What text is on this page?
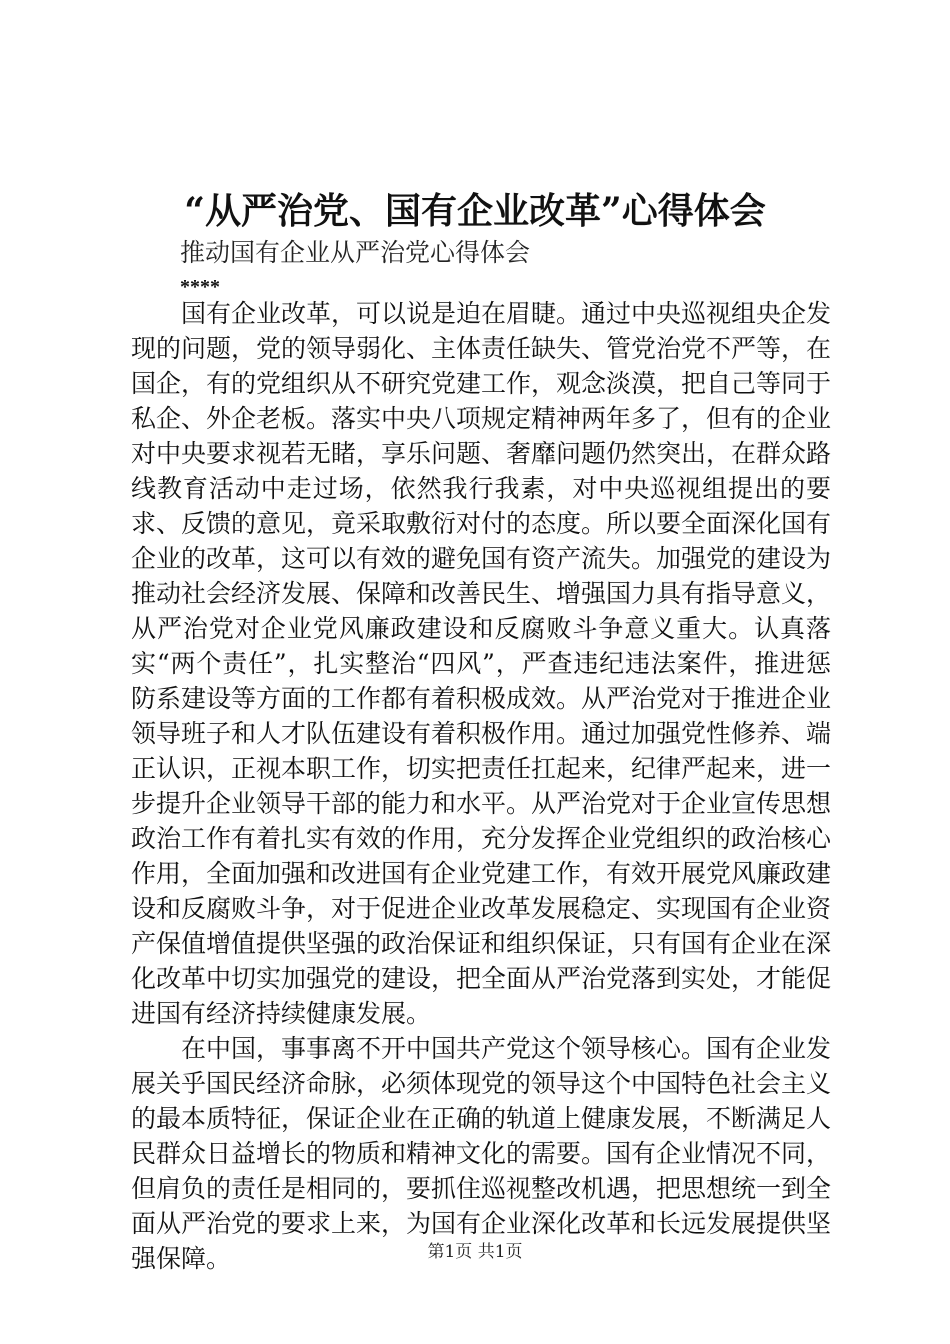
“从严治党、国有企业改革”心得体会
推动国有企业从严治党心得体会
****

国有企业改革，可以说是迫在眉睫。通过中央巡视组央企发现的问题，党的领导弱化、主体责任缺失、管党治党不严等，在国企，有的党组织从不研究党建工作，观念淡漠，把自己等同于私企、外企老板。落实中央八项规定精神两年多了，但有的企业对中央要求视若无睹，享乐问题、奢靡问题仍然突出，在群众路线教育活动中走过场，依然我行我素，对中央巡视组提出的要求、反馈的意见，竟采取敷衍对付的态度。所以要全面深化国有企业的改革，这可以有效的避免国有资产流失。加强党的建设为推动社会经济发展、保障和改善民生、增强国力具有指导意义，从严治党对企业党风廉政建设和反腐败斗争意义重大。认真落实“两个责任”，扎实整治“四风”，严查违纪违法案件，推进惩防系建设等方面的工作都有着积极成效。从严治党对于推进企业领导班子和人才队伍建设有着积极作用。通过加强党性修养、端正认识，正视本职工作，切实把责任扛起来，纪律严起来，进一步提升企业领导干部的能力和水平。从严治党对于企业宣传思想政治工作有着扎实有效的作用，充分发挥企业党组织的政治核心作用，全面加强和改进国有企业党建工作，有效开展党风廉政建设和反腐败斗争，对于促进企业改革发展稳定、实现国有企业资产保值增值提供坚强的政治保证和组织保证，只有国有企业在深化改革中切实加强党的建设，把全面从严治党落到实处，才能促进国有经济持续健康发展。

在中国，事事离不开中国共产党这个领导核心。国有企业发展关乎国民经济命脉，必须体现党的领导这个中国特色社会主义的最本质特征，保证企业在正确的轨道上健康发展，不断满足人民群众日益增长的物质和精神文化的需要。国有企业情况不同，但肩负的责任是相同的，要抓住巡视整改机遇，把思想统一到全面从严治党的要求上来，为国有企业深化改革和长远发展提供坚强保障。	第1页 共1页
